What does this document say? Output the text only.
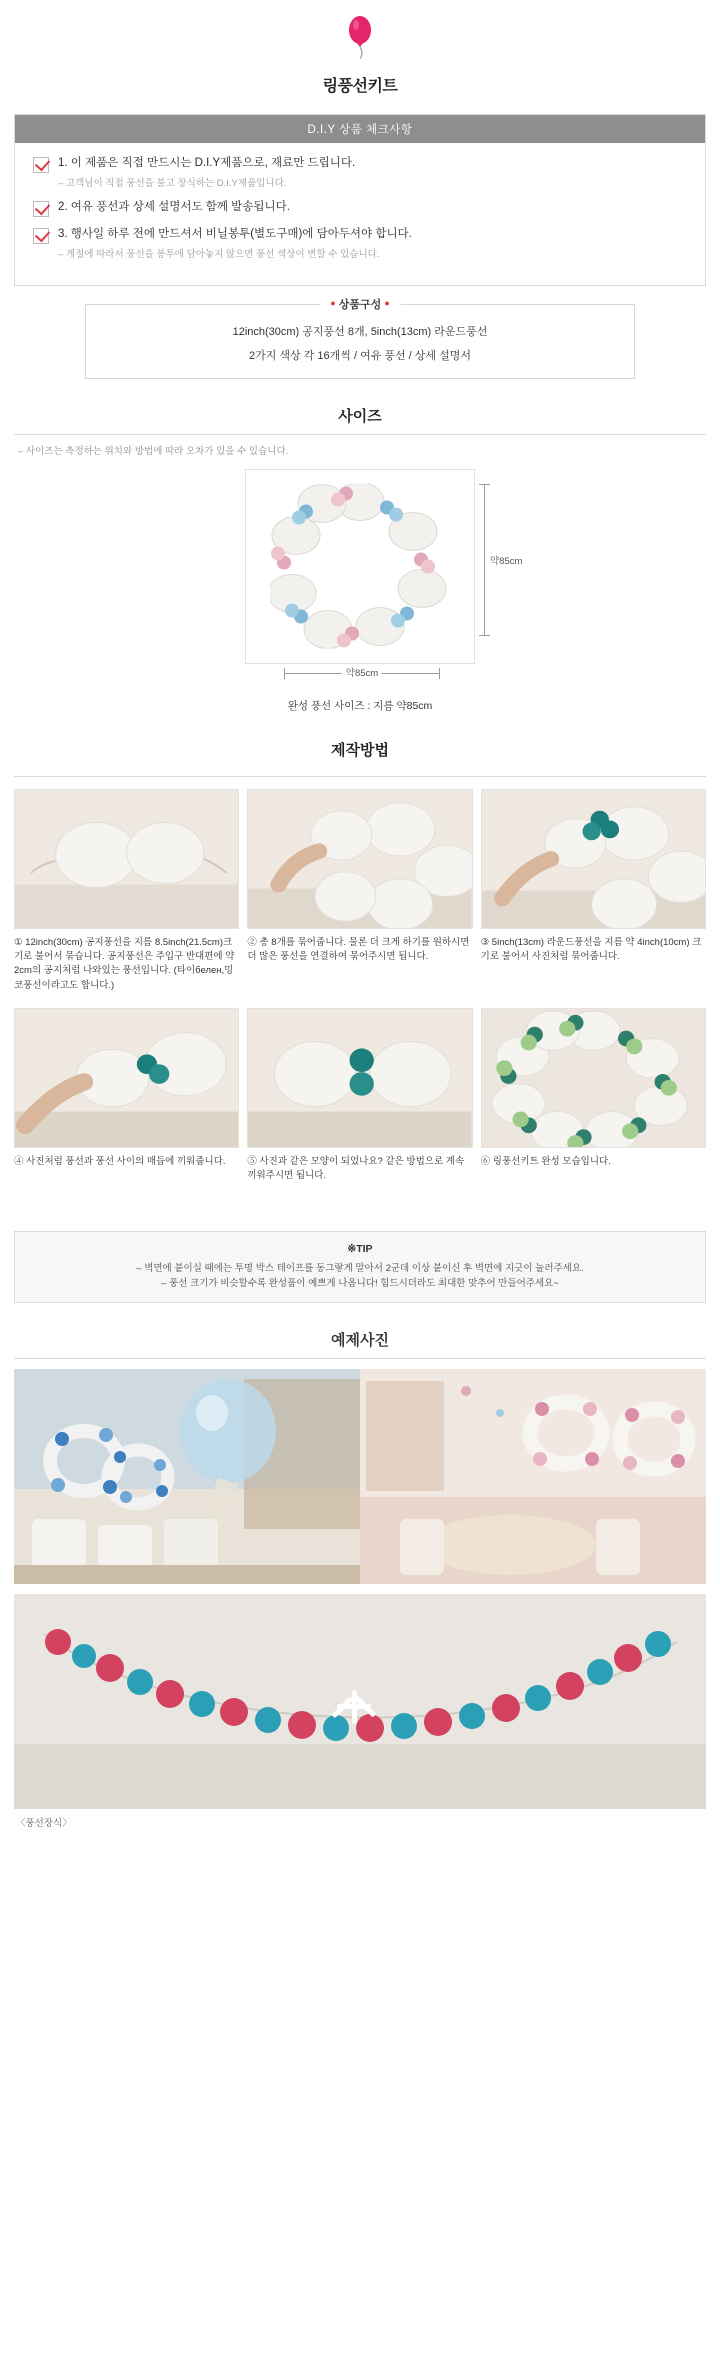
링풍선키트
D.I.Y 상품 체크사항
1. 이 제품은 직접 만드시는 D.I.Y제품으로, 재료만 드립니다.
– 고객님이 직접 풍선을 불고 장식하는 D.I.Y제품입니다.
2. 여유 풍선과 상세 설명서도 함께 발송됩니다.
3. 행사일 하루 전에 만드셔서 비닐봉투(별도구매)에 담아두셔야 합니다.
– 계절에 따라서 풍선을 봉투에 담아놓지 않으면 풍선 색상이 변할 수 있습니다.
● 상품구성 ●
12inch(30cm) 공지풍선 8개, 5inch(13cm) 라운드풍선
2가지 색상 각 16개씩 / 여유 풍선 / 상세 설명서
사이즈
– 사이즈는 측정하는 위치와 방법에 따라 오차가 있을 수 있습니다.
약85cm
약85cm
완성 풍선 사이즈 : 지름 약85cm
제작방법
① 12inch(30cm) 공지풍선을 지름 8.5inch(21.5cm)크기로 불어서 묶습니다. 공지풍선은 주입구 반대편에 약 2cm의 공지처럼 나와있는 풍선입니다. (타이белен,밍코풍선이라고도 합니다.)
② 총 8개를 묶어줍니다. 물론 더 크게 하기를 원하시면 더 많은 풍선을 연결하여 묶어주시면 됩니다.
③ 5inch(13cm) 라운드풍선을 지름 약 4inch(10cm) 크기로 불어서 사진처럼 묶어줍니다.
④ 사진처럼 풍선과 풍선 사이의 매듭에 끼워줍니다.	⑤ 사진과 같은 모양이 되었나요? 같은 방법으로 계속 끼워주시면 됩니다.
⑥ 링풍선키트 완성 모습입니다.
※TIP
– 벽면에 붙이실 때에는 투명 박스 테이프를 동그랗게 말아서 2군데 이상 붙이신 후 벽면에 지긋이 눌러주세요.
– 풍선 크기가 비슷할수록 완성품이 예쁘게 나옵니다! 힘드시더라도 최대한 맞추어 만들어주세요~
예제사진
〈풍선장식〉
